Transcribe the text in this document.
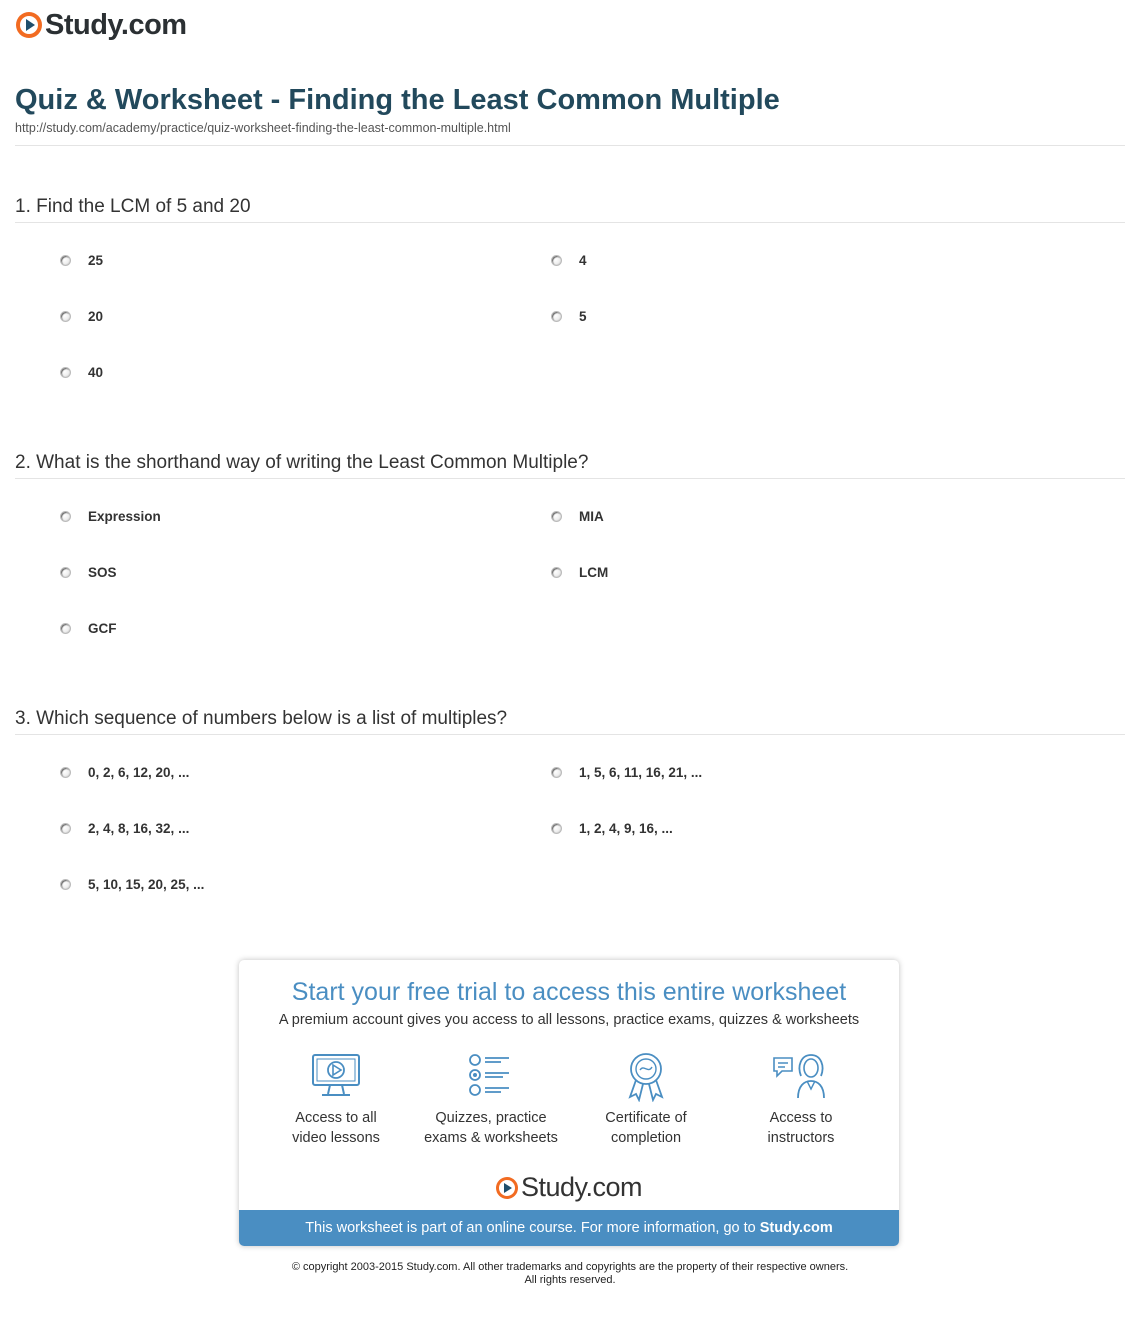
Study.com
Quiz & Worksheet - Finding the Least Common Multiple
http://study.com/academy/practice/quiz-worksheet-finding-the-least-common-multiple.html
1. Find the LCM of 5 and 20
25	4
20	5
40
2. What is the shorthand way of writing the Least Common Multiple?
Expression	MIA
SOS	LCM
GCF
3. Which sequence of numbers below is a list of multiples?
0, 2, 6, 12, 20, ...	1, 5, 6, 11, 16, 21, ...
2, 4, 8, 16, 32, ...	1, 2, 4, 9, 16, ...
5, 10, 15, 20, 25, ...
Start your free trial to access this entire worksheet
A premium account gives you access to all lessons, practice exams, quizzes & worksheets
Access to all
video lessons
Quizzes, practice
exams & worksheets
Certificate of
completion
Access to
instructors
Study.com
This worksheet is part of an online course. For more information, go to Study.com
© copyright 2003-2015 Study.com. All other trademarks and copyrights are the property of their respective owners.
All rights reserved.
